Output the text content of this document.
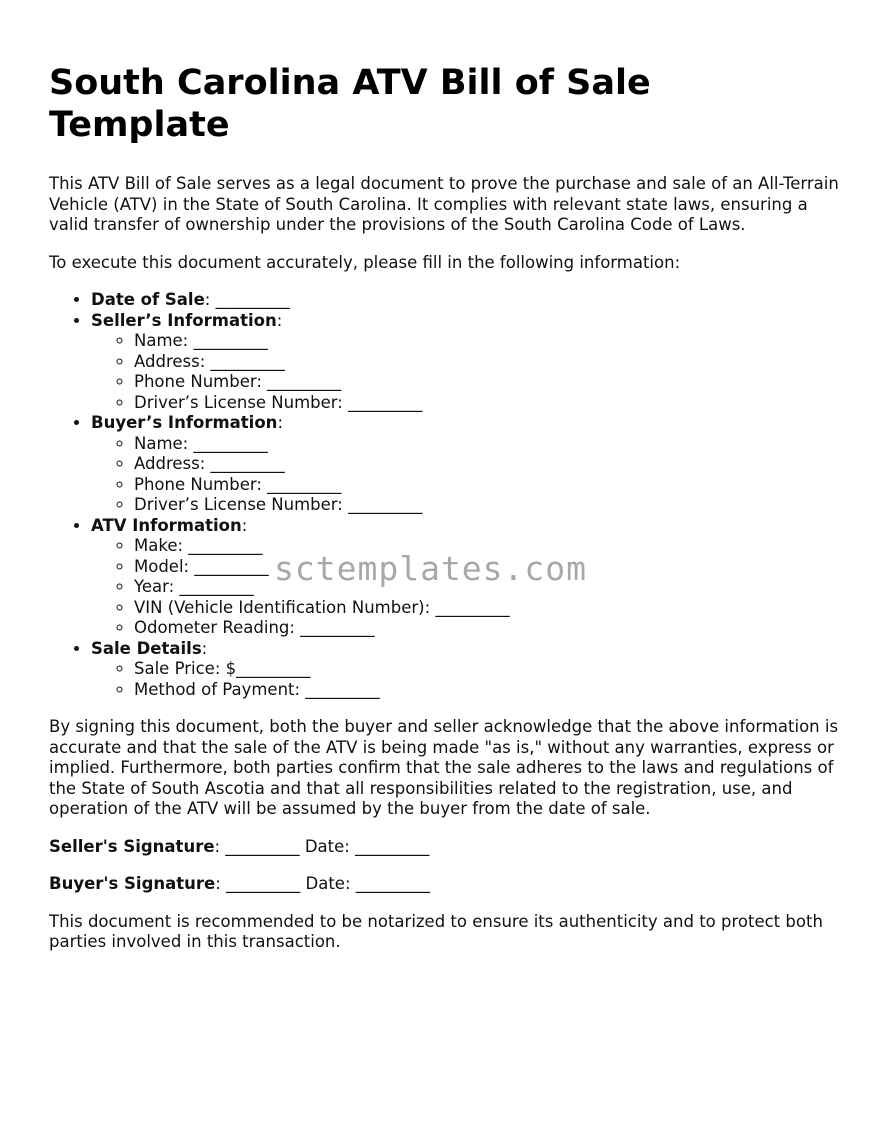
South Carolina ATV Bill of Sale Template

This ATV Bill of Sale serves as a legal document to prove the purchase and sale of an All-Terrain Vehicle (ATV) in the State of South Carolina. It complies with relevant state laws, ensuring a valid transfer of ownership under the provisions of the South Carolina Code of Laws.

To execute this document accurately, please fill in the following information:

• Date of Sale: _________
• Seller’s Information:
◦ Name: _________
◦ Address: _________
◦ Phone Number: _________
◦ Driver’s License Number: _________
• Buyer’s Information:
◦ Name: _________
◦ Address: _________
◦ Phone Number: _________
◦ Driver’s License Number: _________
• ATV Information:
◦ Make: _________
◦ Model: _________
◦ Year: _________
◦ VIN (Vehicle Identification Number): _________
◦ Odometer Reading: _________
• Sale Details:
◦ Sale Price: $_________
◦ Method of Payment: _________

By signing this document, both the buyer and seller acknowledge that the above information is accurate and that the sale of the ATV is being made "as is," without any warranties, express or implied. Furthermore, both parties confirm that the sale adheres to the laws and regulations of the State of South Ascotia and that all responsibilities related to the registration, use, and operation of the ATV will be assumed by the buyer from the date of sale.

Seller's Signature: _________ Date: _________
Buyer's Signature: _________ Date: _________

This document is recommended to be notarized to ensure its authenticity and to protect both parties involved in this transaction.

sctemplates.com
